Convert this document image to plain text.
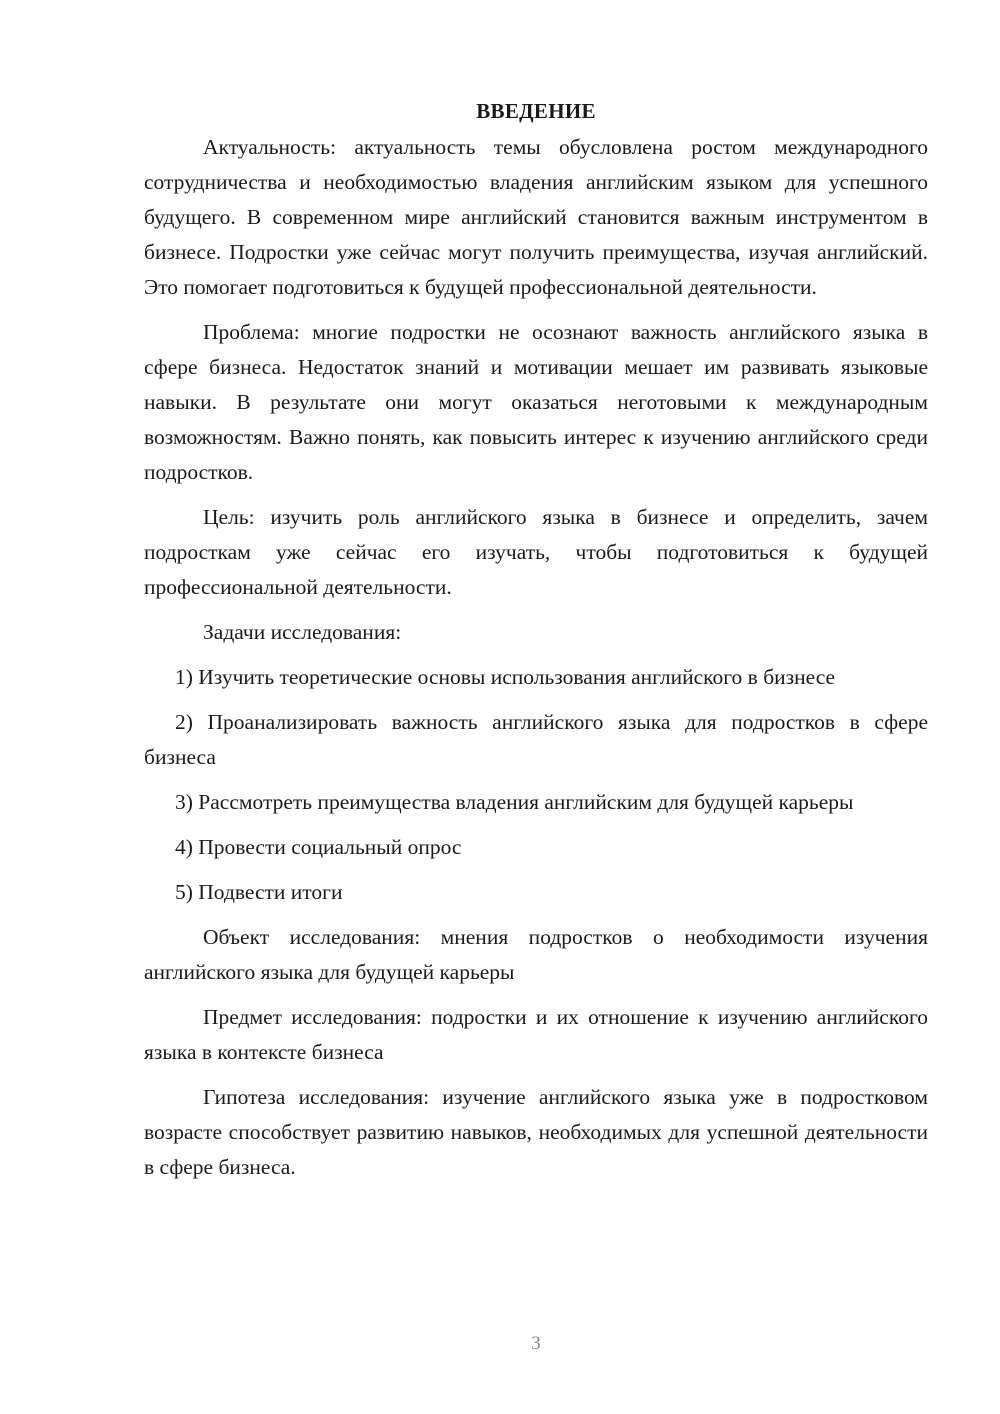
ВВЕДЕНИЕ

Актуальность: актуальность темы обусловлена ростом международного сотрудничества и необходимостью владения английским языком для успешного будущего. В современном мире английский становится важным инструментом в бизнесе. Подростки уже сейчас могут получить преимущества, изучая английский. Это помогает подготовиться к будущей профессиональной деятельности.

Проблема: многие подростки не осознают важность английского языка в сфере бизнеса. Недостаток знаний и мотивации мешает им развивать языковые навыки. В результате они могут оказаться неготовыми к международным возможностям. Важно понять, как повысить интерес к изучению английского среди подростков.

Цель: изучить роль английского языка в бизнесе и определить, зачем подросткам уже сейчас его изучать, чтобы подготовиться к будущей профессиональной деятельности.

Задачи исследования:

1) Изучить теоретические основы использования английского в бизнесе

2) Проанализировать важность английского языка для подростков в сфере бизнеса

3) Рассмотреть преимущества владения английским для будущей карьеры

4) Провести социальный опрос

5) Подвести итоги

Объект исследования: мнения подростков о необходимости изучения английского языка для будущей карьеры

Предмет исследования: подростки и их отношение к изучению английского языка в контексте бизнеса

Гипотеза исследования: изучение английского языка уже в подростковом возрасте способствует развитию навыков, необходимых для успешной деятельности в сфере бизнеса.

3
